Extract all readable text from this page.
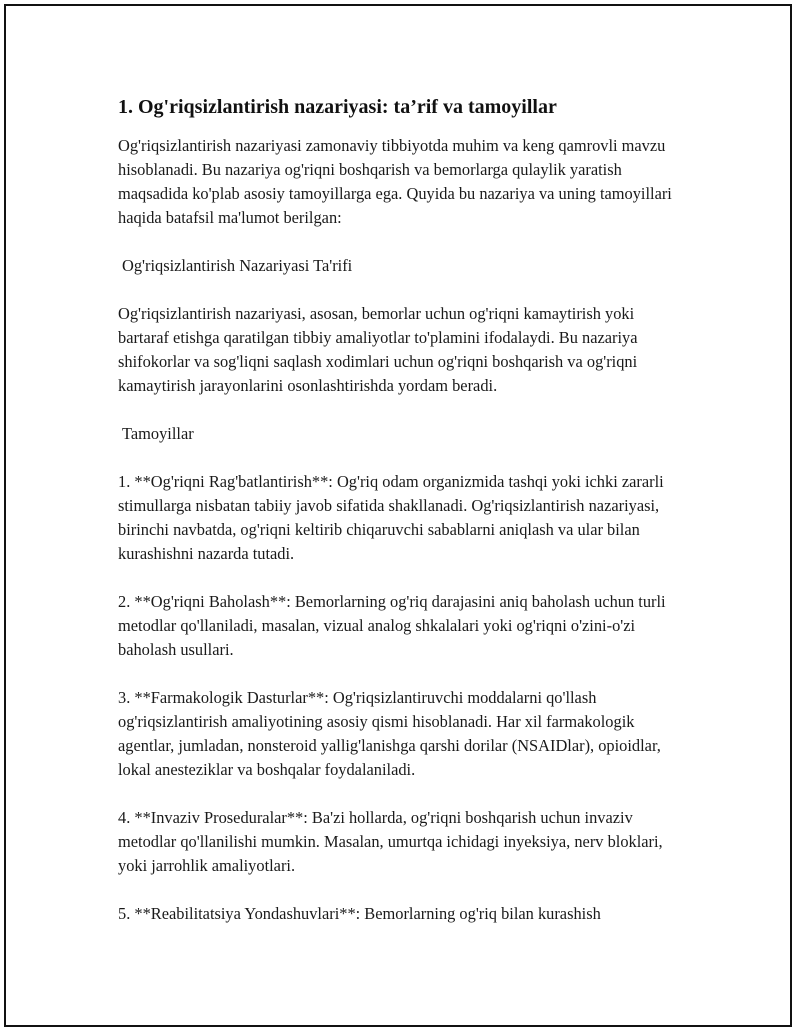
1. Og'riqsizlantirish nazariyasi: ta’rif va tamoyillar

Og'riqsizlantirish nazariyasi zamonaviy tibbiyotda muhim va keng qamrovli mavzu hisoblanadi. Bu nazariya og'riqni boshqarish va bemorlarga qulaylik yaratish maqsadida ko'plab asosiy tamoyillarga ega. Quyida bu nazariya va uning tamoyillari haqida batafsil ma'lumot berilgan:

Og'riqsizlantirish Nazariyasi Ta'rifi

Og'riqsizlantirish nazariyasi, asosan, bemorlar uchun og'riqni kamaytirish yoki bartaraf etishga qaratilgan tibbiy amaliyotlar to'plamini ifodalaydi. Bu nazariya shifokorlar va sog'liqni saqlash xodimlari uchun og'riqni boshqarish va og'riqni kamaytirish jarayonlarini osonlashtirishda yordam beradi.

Tamoyillar

1. **Og'riqni Rag'batlantirish**: Og'riq odam organizmida tashqi yoki ichki zararli stimullarga nisbatan tabiiy javob sifatida shakllanadi. Og'riqsizlantirish nazariyasi, birinchi navbatda, og'riqni keltirib chiqaruvchi sabablarni aniqlash va ular bilan kurashishni nazarda tutadi.

2. **Og'riqni Baholash**: Bemorlarning og'riq darajasini aniq baholash uchun turli metodlar qo'llaniladi, masalan, vizual analog shkalalari yoki og'riqni o'zini-o'zi baholash usullari.

3. **Farmakologik Dasturlar**: Og'riqsizlantiruvchi moddalarni qo'llash og'riqsizlantirish amaliyotining asosiy qismi hisoblanadi. Har xil farmakologik agentlar, jumladan, nonsteroid yallig'lanishga qarshi dorilar (NSAIDlar), opioidlar, lokal anesteziklar va boshqalar foydalaniladi.

4. **Invaziv Proseduralar**: Ba'zi hollarda, og'riqni boshqarish uchun invaziv metodlar qo'llanilishi mumkin. Masalan, umurtqa ichidagi inyeksiya, nerv bloklari, yoki jarrohlik amaliyotlari.

5. **Reabilitatsiya Yondashuvlari**: Bemorlarning og'riq bilan kurashish
